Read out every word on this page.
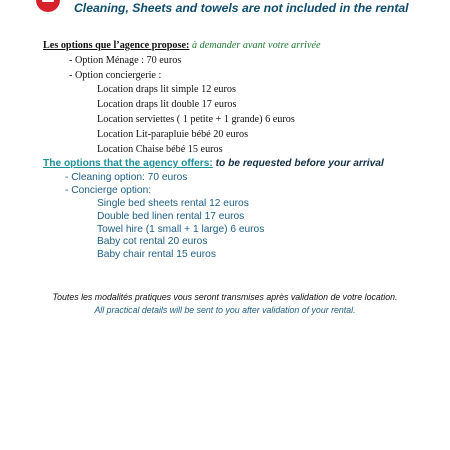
Cleaning, Sheets and towels are not included in the rental

Les options que l’agence propose: à demander avant votre arrivée
- Option Ménage : 70 euros
- Option conciergerie :
Location draps lit simple 12 euros
Location draps lit double 17 euros
Location serviettes ( 1 petite + 1 grande) 6 euros
Location Lit-parapluie bébé 20 euros
Location Chaise bébé 15 euros
The options that the agency offers: to be requested before your arrival
- Cleaning option: 70 euros
- Concierge option:
Single bed sheets rental 12 euros
Double bed linen rental 17 euros
Towel hire (1 small + 1 large) 6 euros
Baby cot rental 20 euros
Baby chair rental 15 euros
Toutes les modalités pratiques vous seront transmises après validation de votre location.
All practical details will be sent to you after validation of your rental.
